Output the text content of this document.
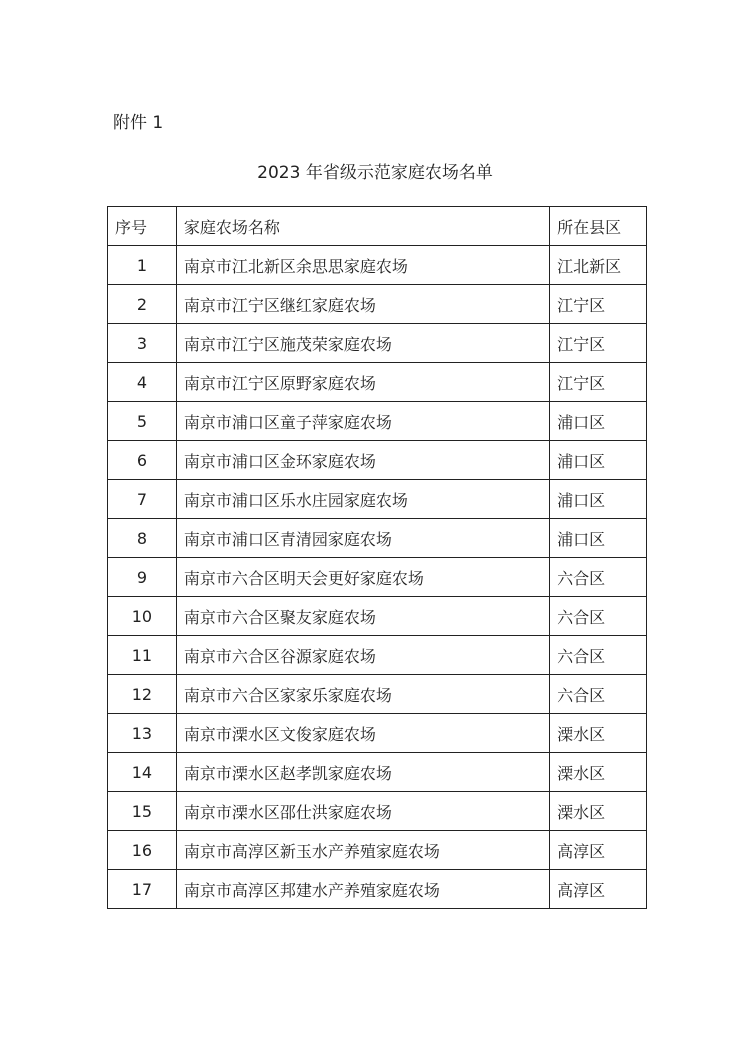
附件 1
2023 年省级示范家庭农场名单
序号	家庭农场名称	所在县区
1	南京市江北新区余思思家庭农场	江北新区
2	南京市江宁区继红家庭农场	江宁区
3	南京市江宁区施茂荣家庭农场	江宁区
4	南京市江宁区原野家庭农场	江宁区
5	南京市浦口区童子萍家庭农场	浦口区
6	南京市浦口区金环家庭农场	浦口区
7	南京市浦口区乐水庄园家庭农场	浦口区
8	南京市浦口区青清园家庭农场	浦口区
9	南京市六合区明天会更好家庭农场	六合区
10	南京市六合区聚友家庭农场	六合区
11	南京市六合区谷源家庭农场	六合区
12	南京市六合区家家乐家庭农场	六合区
13	南京市溧水区文俊家庭农场	溧水区
14	南京市溧水区赵孝凯家庭农场	溧水区
15	南京市溧水区邵仕洪家庭农场	溧水区
16	南京市高淳区新玉水产养殖家庭农场	高淳区
17	南京市高淳区邦建水产养殖家庭农场	高淳区
